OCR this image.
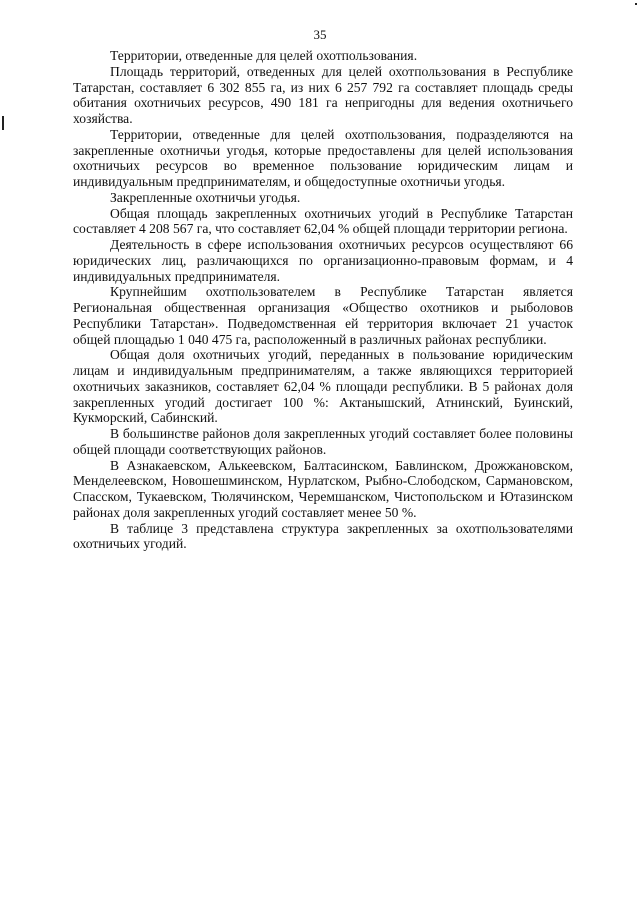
35

Территории, отведенные для целей охотпользования.

Площадь территорий, отведенных для целей охотпользования в Республике Татарстан, составляет 6 302 855 га, из них 6 257 792 га составляет площадь среды обитания охотничьих ресурсов, 490 181 га непригодны для ведения охотничьего хозяйства.

Территории, отведенные для целей охотпользования, подразделяются на закрепленные охотничьи угодья, которые предоставлены для целей использования охотничьих ресурсов во временное пользование юридическим лицам и индивидуальным предпринимателям, и общедоступные охотничьи угодья.

Закрепленные охотничьи угодья.

Общая площадь закрепленных охотничьих угодий в Республике Татарстан составляет 4 208 567 га, что составляет 62,04 % общей площади территории региона.

Деятельность в сфере использования охотничьих ресурсов осуществляют 66 юридических лиц, различающихся по организационно-правовым формам, и 4 индивидуальных предпринимателя.

Крупнейшим охотпользователем в Республике Татарстан является Региональная общественная организация «Общество охотников и рыболовов Республики Татарстан». Подведомственная ей территория включает 21 участок общей площадью 1 040 475 га, расположенный в различных районах республики.

Общая доля охотничьих угодий, переданных в пользование юридическим лицам и индивидуальным предпринимателям, а также являющихся территорией охотничьих заказников, составляет 62,04 % площади республики. В 5 районах доля закрепленных угодий достигает 100 %: Актанышский, Атнинский, Буинский, Кукморский, Сабинский.

В большинстве районов доля закрепленных угодий составляет более половины общей площади соответствующих районов.

В Азнакаевском, Алькеевском, Балтасинском, Бавлинском, Дрожжановском, Менделеевском, Новошешминском, Нурлатском, Рыбно-Слободском, Сармановском, Спасском, Тукаевском, Тюлячинском, Черемшанском, Чистопольском и Ютазинском районах доля закрепленных угодий составляет менее 50 %.

В таблице 3 представлена структура закрепленных за охотпользователями охотничьих угодий.
